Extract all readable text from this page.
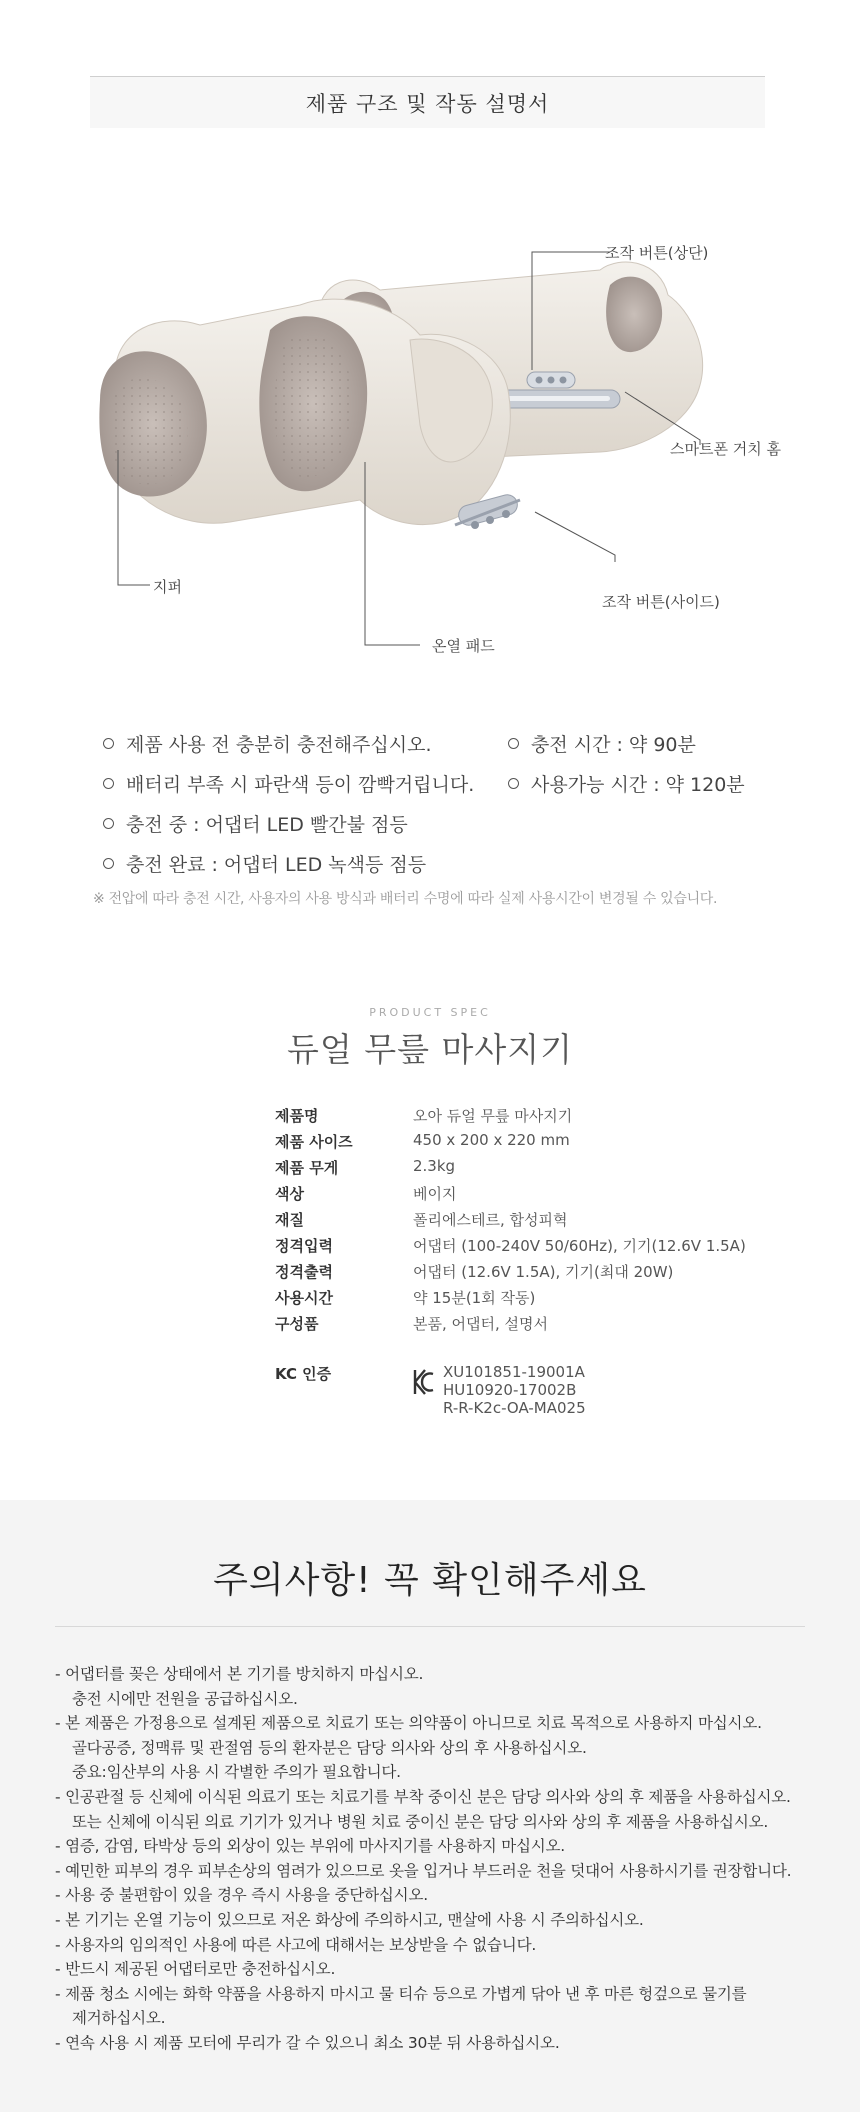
제품 구조 및 작동 설명서
조작 버튼(상단)
스마트폰 거치 홈
지퍼
조작 버튼(사이드)
온열 패드
제품 사용 전 충분히 충전해주십시오.
배터리 부족 시 파란색 등이 깜빡거립니다.
충전 중 : 어댑터 LED 빨간불 점등
충전 완료 : 어댑터 LED 녹색등 점등
충전 시간 : 약 90분
사용가능 시간 : 약 120분
※ 전압에 따라 충전 시간, 사용자의 사용 방식과 배터리 수명에 따라 실제 사용시간이 변경될 수 있습니다.
PRODUCT SPEC
듀얼 무릎 마사지기
제품명	오아 듀얼 무릎 마사지기
제품 사이즈	450 x 200 x 220 mm
제품 무게	2.3kg
색상	베이지
재질	폴리에스테르, 합성피혁
정격입력	어댑터 (100-240V 50/60Hz), 기기(12.6V 1.5A)
정격출력	어댑터 (12.6V 1.5A), 기기(최대 20W)
사용시간	약 15분(1회 작동)
구성품	본품, 어댑터, 설명서
KC 인증	XU101851-19001A
HU10920-17002B
R-R-K2c-OA-MA025
주의사항! 꼭 확인해주세요
- 어댑터를 꽂은 상태에서 본 기기를 방치하지 마십시오.
충전 시에만 전원을 공급하십시오.
- 본 제품은 가정용으로 설계된 제품으로 치료기 또는 의약품이 아니므로 치료 목적으로 사용하지 마십시오.
골다공증, 정맥류 및 관절염 등의 환자분은 담당 의사와 상의 후 사용하십시오.
중요:임산부의 사용 시 각별한 주의가 필요합니다.
- 인공관절 등 신체에 이식된 의료기 또는 치료기를 부착 중이신 분은 담당 의사와 상의 후 제품을 사용하십시오.
또는 신체에 이식된 의료 기기가 있거나 병원 치료 중이신 분은 담당 의사와 상의 후 제품을 사용하십시오.
- 염증, 감염, 타박상 등의 외상이 있는 부위에 마사지기를 사용하지 마십시오.
- 예민한 피부의 경우 피부손상의 염려가 있으므로 옷을 입거나 부드러운 천을 덧대어 사용하시기를 권장합니다.
- 사용 중 불편함이 있을 경우 즉시 사용을 중단하십시오.
- 본 기기는 온열 기능이 있으므로 저온 화상에 주의하시고, 맨살에 사용 시 주의하십시오.
- 사용자의 임의적인 사용에 따른 사고에 대해서는 보상받을 수 없습니다.
- 반드시 제공된 어댑터로만 충전하십시오.
- 제품 청소 시에는 화학 약품을 사용하지 마시고 물 티슈 등으로 가볍게 닦아 낸 후 마른 헝겊으로 물기를
제거하십시오.
- 연속 사용 시 제품 모터에 무리가 갈 수 있으니 최소 30분 뒤 사용하십시오.
